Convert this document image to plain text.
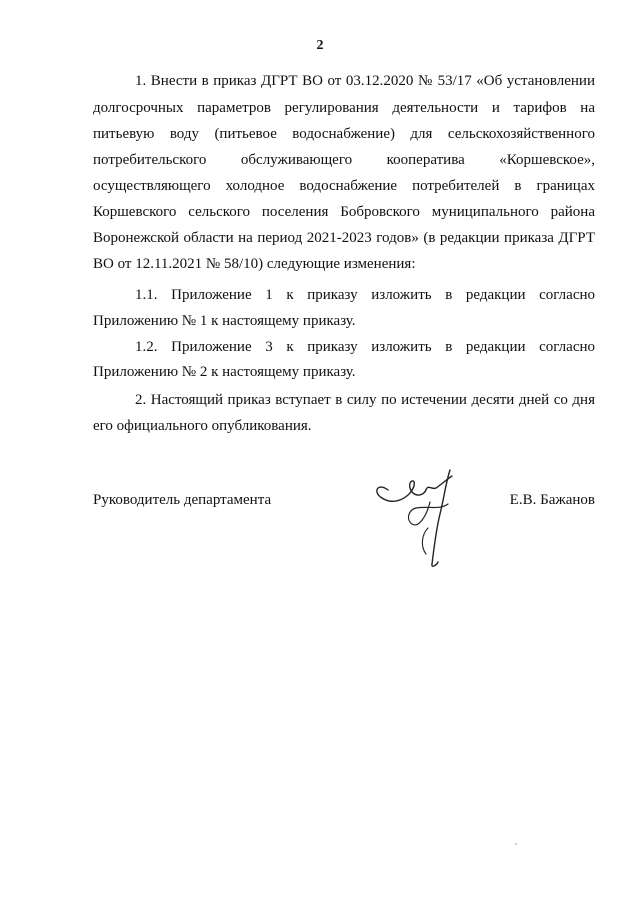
2
1. Внести в приказ ДГРТ ВО от 03.12.2020 № 53/17 «Об установлении
долгосрочных параметров регулирования деятельности и тарифов на
питьевую воду (питьевое водоснабжение) для сельскохозяйственного
потребительского обслуживающего кооператива «Коршевское»,
осуществляющего холодное водоснабжение потребителей в границах
Коршевского сельского поселения Бобровского муниципального района
Воронежской области на период 2021-2023 годов» (в редакции приказа ДГРТ
ВО от 12.11.2021 № 58/10) следующие изменения:
1.1. Приложение 1 к приказу изложить в редакции согласно
Приложению № 1 к настоящему приказу.
1.2. Приложение 3 к приказу изложить в редакции согласно
Приложению № 2 к настоящему приказу.
2. Настоящий приказ вступает в силу по истечении десяти дней со дня
его официального опубликования.
Руководитель департамента	Е.В. Бажанов
